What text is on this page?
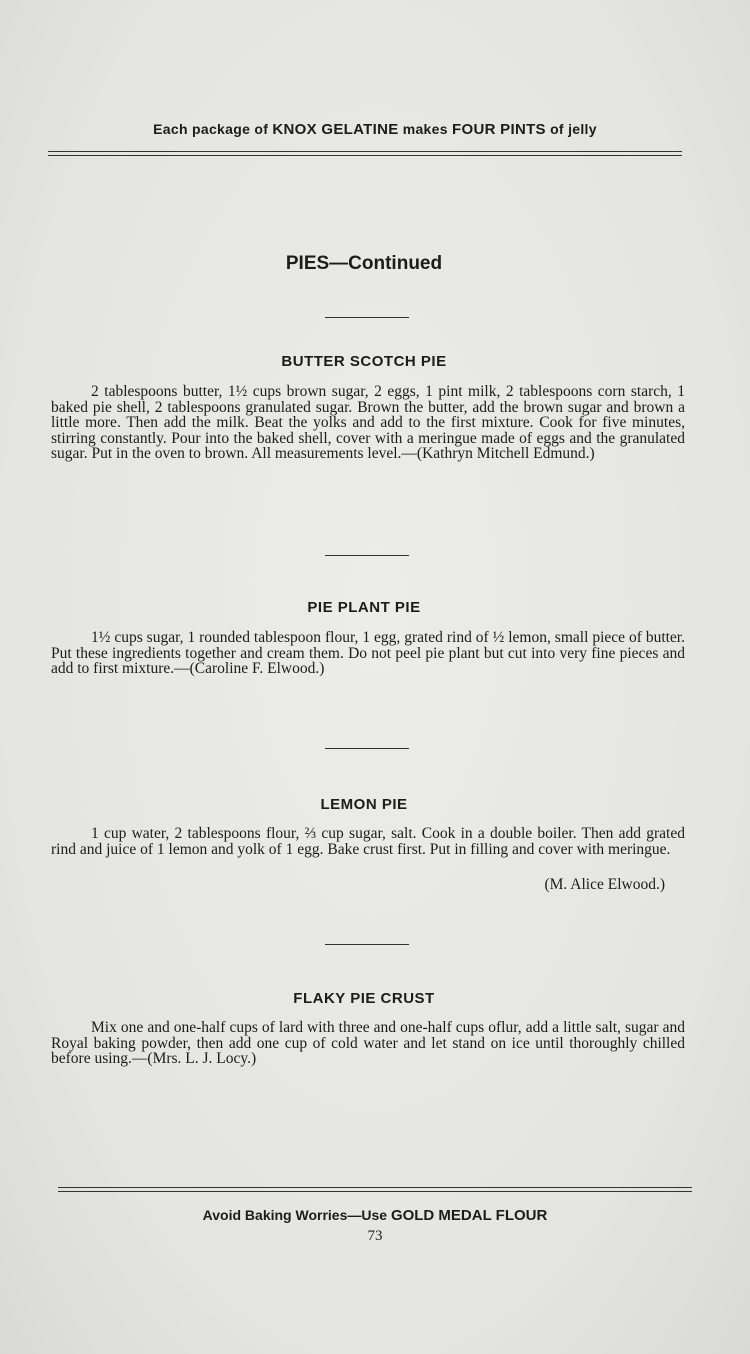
Each package of KNOX GELATINE makes FOUR PINTS of jelly
PIES—Continued
BUTTER SCOTCH PIE
2 tablespoons butter, 1½ cups brown sugar, 2 eggs, 1 pint milk, 2 tablespoons corn starch, 1 baked pie shell, 2 tablespoons granulated sugar. Brown the butter, add the brown sugar and brown a little more. Then add the milk. Beat the yolks and add to the first mixture. Cook for five minutes, stirring constantly. Pour into the baked shell, cover with a meringue made of eggs and the granulated sugar. Put in the oven to brown. All measurements level.—(Kathryn Mitchell Edmund.)
PIE PLANT PIE
1½ cups sugar, 1 rounded tablespoon flour, 1 egg, grated rind of ½ lemon, small piece of butter. Put these ingredients together and cream them. Do not peel pie plant but cut into very fine pieces and add to first mixture.—(Caroline F. Elwood.)
LEMON PIE
1 cup water, 2 tablespoons flour, ⅔ cup sugar, salt. Cook in a double boiler. Then add grated rind and juice of 1 lemon and yolk of 1 egg. Bake crust first. Put in filling and cover with meringue.
(M. Alice Elwood.)
FLAKY PIE CRUST
Mix one and one-half cups of lard with three and one-half cups oflur, add a little salt, sugar and Royal baking powder, then add one cup of cold water and let stand on ice until thoroughly chilled before using.—(Mrs. L. J. Locy.)
Avoid Baking Worries—Use GOLD MEDAL FLOUR
73
